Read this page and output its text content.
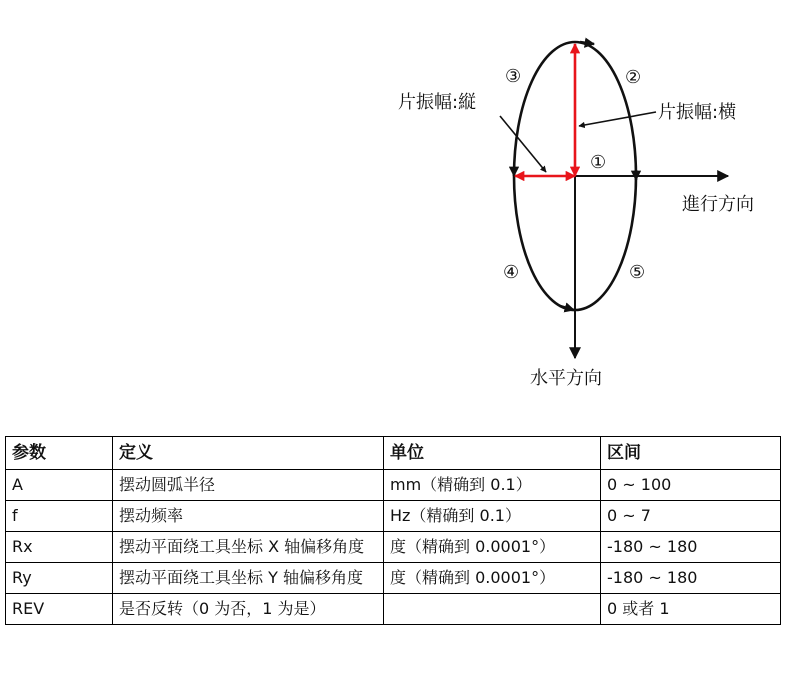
片振幅:縦	片振幅:横
進行方向
水平方向
①
②
③
④	⑤
参数	定义	单位	区间
A	摆动圆弧半径	mm（精确到 0.1）	0 ~ 100
f	摆动频率	Hz（精确到 0.1）	0 ~ 7
Rx	摆动平面绕工具坐标 X 轴偏移角度	度（精确到 0.0001°）	-180 ~ 180
Ry	摆动平面绕工具坐标 Y 轴偏移角度	度（精确到 0.0001°）	-180 ~ 180
REV	是否反转（0 为否，1 为是）		0 或者 1
